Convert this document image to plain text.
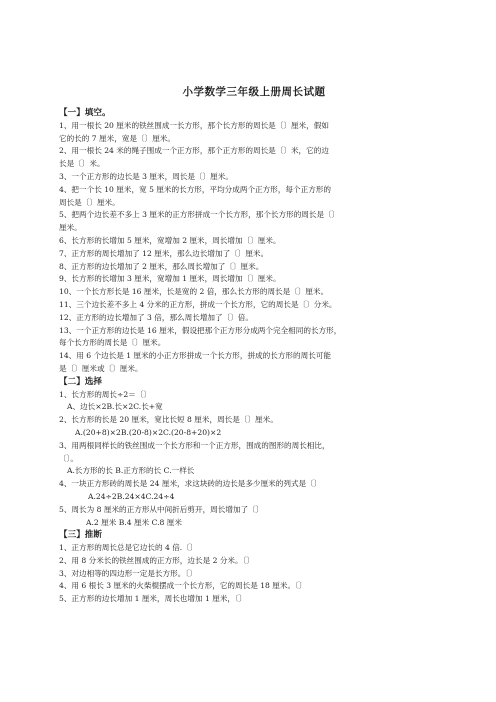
小学数学三年级上册周长试题

【一】填空。

1、用一根长 20 厘米的铁丝围成一长方形，那个长方形的周长是〔〕厘米，假如

它的长的 7 厘米，宽是〔〕厘米。

2、用一根长 24 米的绳子围成一个正方形，那个正方形的周长是〔〕米，它的边

长是〔〕米。

3、一个正方形的边长是 3 厘米，周长是〔〕厘米。

4、把一个长 10 厘米，宽 5 厘米的长方形，平均分成两个正方形，每个正方形的

周长是〔〕厘米。

5、把两个边长差不多上 3 厘米的正方形拼成一个长方形，那个长方形的周长是〔〕

厘米。

6、长方形的长增加 5 厘米，宽增加 2 厘米，周长增加〔〕厘米。

7、正方形的周长增加了 12 厘米，那么边长增加了〔〕厘米。

8、正方形的边长增加了 2 厘米，那么周长增加了〔〕厘米。

9、长方形的长增加 3 厘米，宽增加 1 厘米，周长增加〔〕厘米。

10、一个长方形长是 16 厘米，长是宽的 2 倍，那么长方形的周长是〔〕厘米。

11、三个边长差不多上 4 分米的正方形，拼成一个长方形，它的周长是〔〕分米。

12、正方形的边长增加了 3 倍，那么周长增加了〔〕倍。

13、一个正方形的边长是 16 厘米，假设把那个正方形分成两个完全相同的长方形，

每个长方形的周长是〔〕厘米。

14、用 6 个边长是 1 厘米的小正方形拼成一个长方形，拼成的长方形的周长可能

是〔〕厘米或〔〕厘米。

【二】选择

1、长方形的周长÷2＝〔〕

A、边长×2B.长×2C.长+宽

2、长方形的长是 20 厘米，宽比长短 8 厘米，周长是〔〕厘米。

A.(20+8)×2B.(20-8)×2C.(20-8+20)×2

3、用两根同样长的铁丝围成一个长方形和一个正方形，围成的图形的周长相比，

〔〕。

A.长方形的长 B.正方形的长 C.一样长

4、一块正方形砖的周长是 24 厘米，求这块砖的边长是多少厘米的列式是〔〕

A.24÷2B.24×4C.24÷4

5、周长为 8 厘米的正方形从中间折后剪开，周长增加了〔〕

A.2 厘米 B.4 厘米 C.8 厘米

【三】推断

1、正方形的周长总是它边长的 4 倍.〔〕

2、用 8 分米长的铁丝围成的正方形，边长是 2 分米。〔〕

3、对边相等的四边形一定是长方形。〔〕

4、用 6 根长 3 厘米的火柴棍摆成一个长方形，它的周长是 18 厘米。〔〕

5、正方形的边长增加 1 厘米，周长也增加 1 厘米，〔〕
